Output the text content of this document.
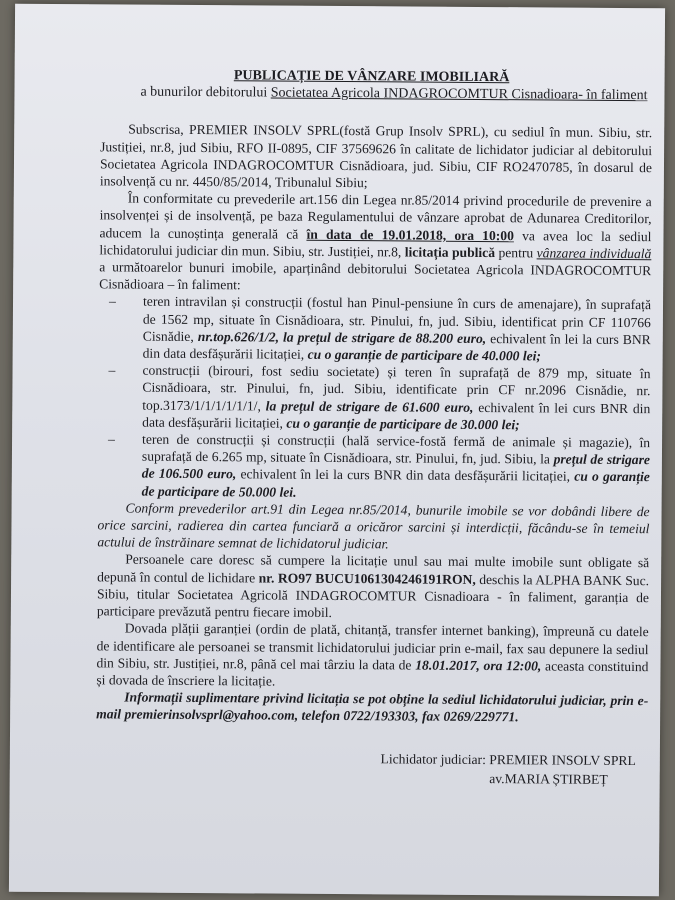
PUBLICAȚIE DE VÂNZARE IMOBILIARĂ
a bunurilor debitorului Societatea Agricola INDAGROCOMTUR Cisnadioara- în faliment

Subscrisa, PREMIER INSOLV SPRL(fostă Grup Insolv SPRL), cu sediul în mun. Sibiu, str. Justiției, nr.8, jud Sibiu, RFO II-0895, CIF 37569626 în calitate de lichidator judiciar al debitorului Societatea Agricola INDAGROCOMTUR Cisnădioara, jud. Sibiu, CIF RO2470785, în dosarul de insolvență cu nr. 4450/85/2014, Tribunalul Sibiu;

În conformitate cu prevederile art.156 din Legea nr.85/2014 privind procedurile de prevenire a insolvenței și de insolvență, pe baza Regulamentului de vânzare aprobat de Adunarea Creditorilor, aducem la cunoștința generală că în data de 19.01.2018, ora 10:00 va avea loc la sediul lichidatorului judiciar din mun. Sibiu, str. Justiției, nr.8, licitația publică pentru vânzarea individuală a următoarelor bunuri imobile, aparținând debitorului Societatea Agricola INDAGROCOMTUR Cisnădioara – în faliment:

– teren intravilan și construcții (fostul han Pinul-pensiune în curs de amenajare), în suprafață de 1562 mp, situate în Cisnădioara, str. Pinului, fn, jud. Sibiu, identificat prin CF 110766 Cisnădie, nr.top.626/1/2, la prețul de strigare de 88.200 euro, echivalent în lei la curs BNR din data desfășurării licitației, cu o garanție de participare de 40.000 lei;
– construcții (birouri, fost sediu societate) și teren în suprafață de 879 mp, situate în Cisnădioara, str. Pinului, fn, jud. Sibiu, identificate prin CF nr.2096 Cisnădie, nr. top.3173/1/1/1/1/1/1/, la prețul de strigare de 61.600 euro, echivalent în lei curs BNR din data desfășurării licitației, cu o garanție de participare de 30.000 lei;
– teren de construcții și construcții (hală service-fostă fermă de animale și magazie), în suprafață de 6.265 mp, situate în Cisnădioara, str. Pinului, fn, jud. Sibiu, la prețul de strigare de 106.500 euro, echivalent în lei la curs BNR din data desfășurării licitației, cu o garanție de participare de 50.000 lei.

Conform prevederilor art.91 din Legea nr.85/2014, bunurile imobile se vor dobândi libere de orice sarcini, radierea din cartea funciară a oricăror sarcini și interdicții, făcându-se în temeiul actului de înstrăinare semnat de lichidatorul judiciar.

Persoanele care doresc să cumpere la licitație unul sau mai multe imobile sunt obligate să depună în contul de lichidare nr. RO97 BUCU1061304246191RON, deschis la ALPHA BANK Suc. Sibiu, titular Societatea Agricolă INDAGROCOMTUR Cisnadioara - în faliment, garanția de participare prevăzută pentru fiecare imobil.

Dovada plății garanției (ordin de plată, chitanță, transfer internet banking), împreună cu datele de identificare ale persoanei se transmit lichidatorului judiciar prin e-mail, fax sau depunere la sediul din Sibiu, str. Justiției, nr.8, până cel mai târziu la data de 18.01.2017, ora 12:00, aceasta constituind și dovada de înscriere la licitație.

Informații suplimentare privind licitația se pot obține la sediul lichidatorului judiciar, prin e-mail premierinsolvsprl@yahoo.com, telefon 0722/193303, fax 0269/229771.

Lichidator judiciar: PREMIER INSOLV SPRL
av.MARIA ȘTIRBEȚ
